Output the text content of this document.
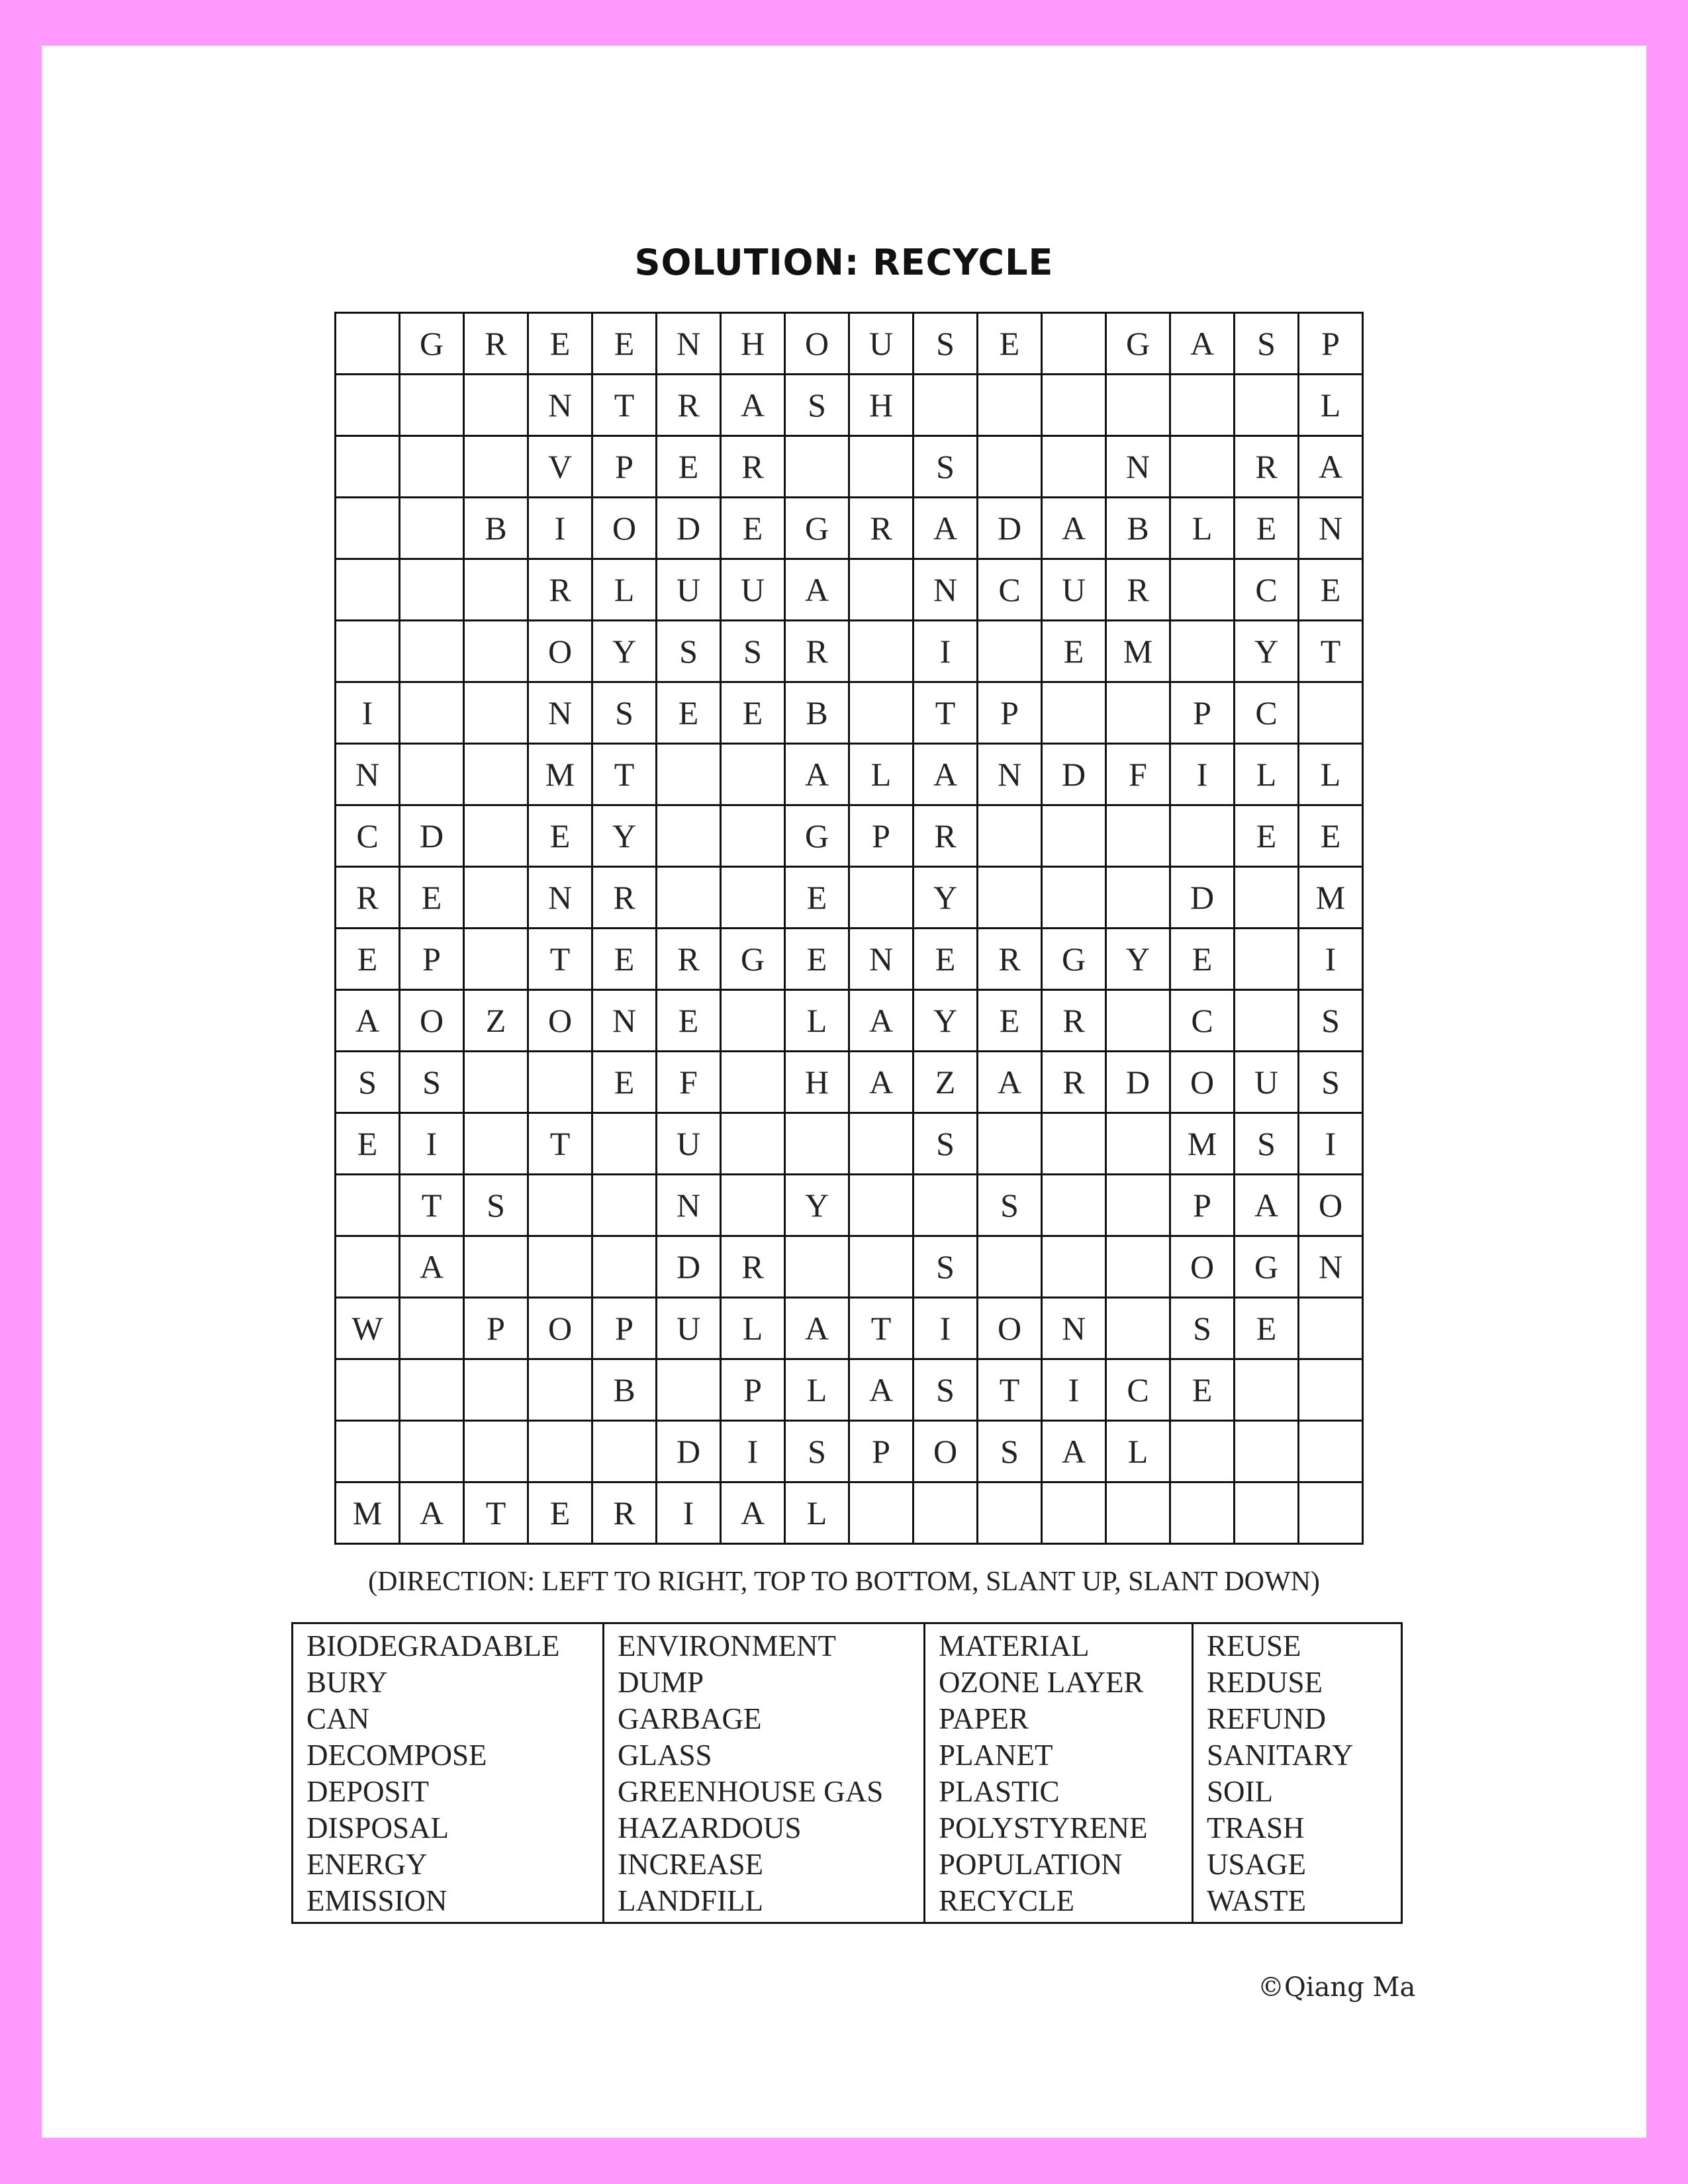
SOLUTION: RECYCLE
	G	R	E	E	N	H	O	U	S	E		G	A	S	P
			N	T	R	A	S	H							L
			V	P	E	R			S			N		R	A
		B	I	O	D	E	G	R	A	D	A	B	L	E	N
			R	L	U	U	A		N	C	U	R		C	E
			O	Y	S	S	R		I		E	M		Y	T
I			N	S	E	E	B		T	P			P	C	
N			M	T			A	L	A	N	D	F	I	L	L
C	D		E	Y			G	P	R					E	E
R	E		N	R			E		Y				D		M
E	P		T	E	R	G	E	N	E	R	G	Y	E		I
A	O	Z	O	N	E		L	A	Y	E	R		C		S
S	S			E	F		H	A	Z	A	R	D	O	U	S
E	I		T		U				S				M	S	I
	T	S			N		Y			S			P	A	O
	A				D	R			S				O	G	N
W		P	O	P	U	L	A	T	I	O	N		S	E	
				B		P	L	A	S	T	I	C	E		
					D	I	S	P	O	S	A	L			
M	A	T	E	R	I	A	L								
(DIRECTION: LEFT TO RIGHT, TOP TO BOTTOM, SLANT UP, SLANT DOWN)
BIODEGRADABLE
BURY
CAN
DECOMPOSE
DEPOSIT
DISPOSAL
ENERGY
EMISSION

ENVIRONMENT
DUMP
GARBAGE
GLASS
GREENHOUSE GAS
HAZARDOUS
INCREASE
LANDFILL

MATERIAL
OZONE LAYER
PAPER
PLANET
PLASTIC
POLYSTYRENE
POPULATION
RECYCLE

REUSE
REDUSE
REFUND
SANITARY
SOIL
TRASH
USAGE
WASTE
©Qiang Ma
